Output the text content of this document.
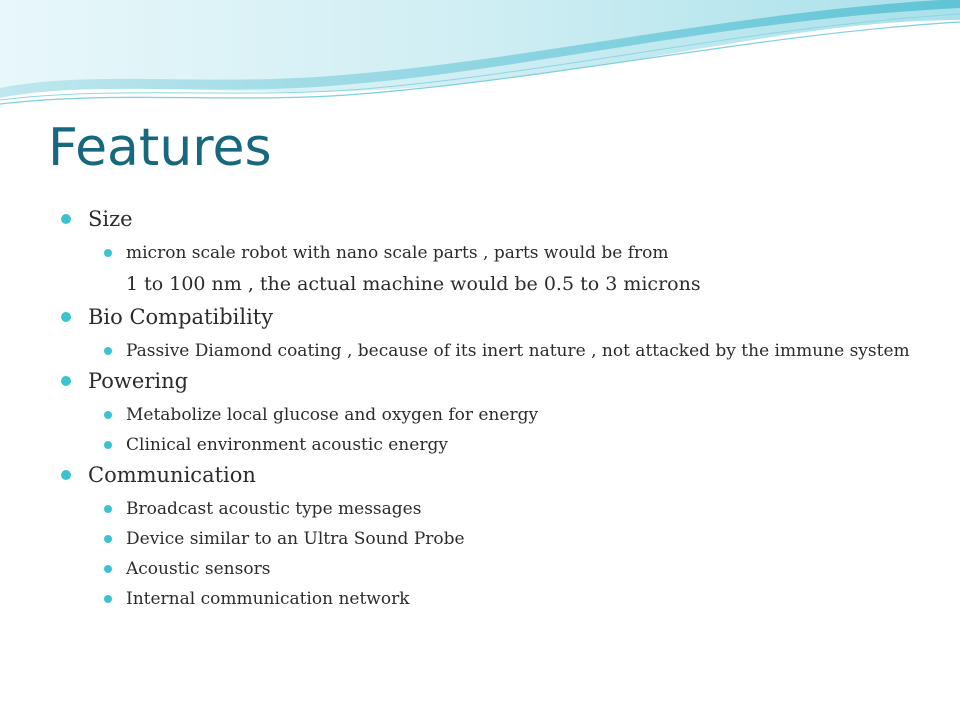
Features
Size
micron scale robot with nano scale parts , parts would be from
1 to 100 nm , the actual machine would be 0.5 to 3 microns
Bio Compatibility
Passive Diamond coating , because of its inert nature , not attacked by the immune system
Powering
Metabolize local glucose and oxygen for energy
Clinical environment acoustic energy
Communication
Broadcast acoustic type messages
Device similar to an Ultra Sound Probe
Acoustic sensors
Internal communication network
